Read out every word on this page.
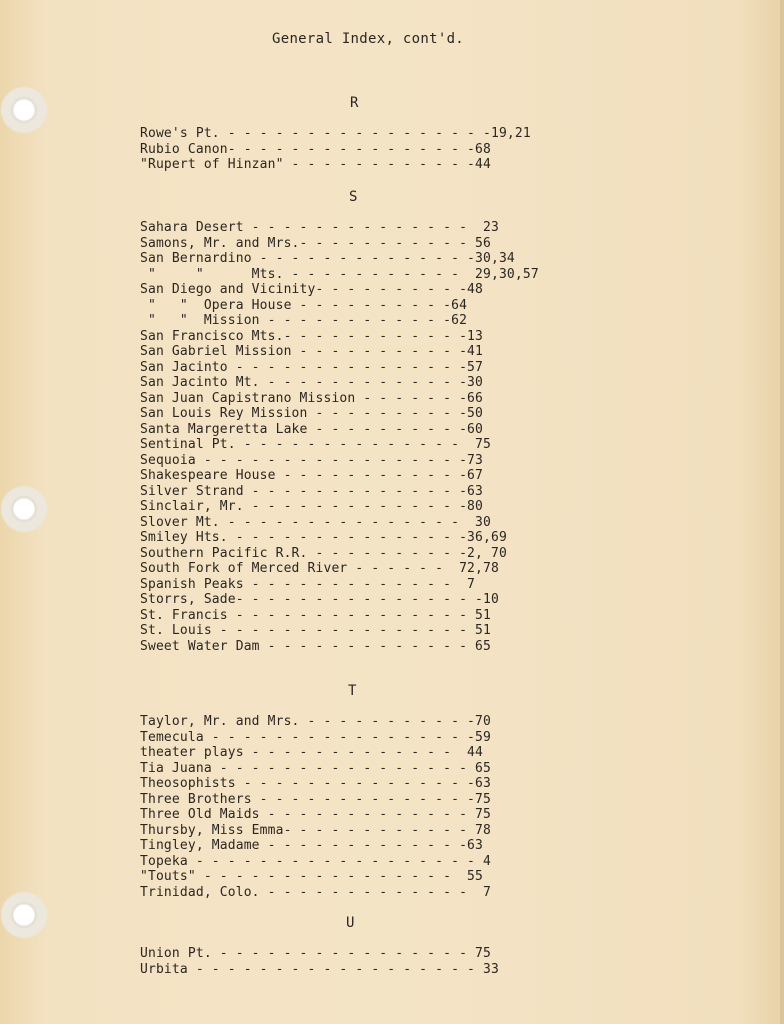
General Index, cont'd.
R
Rowe's Pt. - - - - - - - - - - - - - - - - -19,21
Rubio Canon- - - - - - - - - - - - - - - -68
"Rupert of Hinzan" - - - - - - - - - - - -44
S
Sahara Desert - - - - - - - - - - - - - -  23
Samons, Mr. and Mrs.- - - - - - - - - - - 56
San Bernardino - - - - - - - - - - - - - -30,34
"     "      Mts. - - - - - - - - - - -  29,30,57
San Diego and Vicinity- - - - - - - - - -48
"   "  Opera House - - - - - - - - - -64
"   "  Mission - - - - - - - - - - - -62
San Francisco Mts.- - - - - - - - - - - -13
San Gabriel Mission - - - - - - - - - - -41
San Jacinto - - - - - - - - - - - - - - -57
San Jacinto Mt. - - - - - - - - - - - - -30
San Juan Capistrano Mission - - - - - - -66
San Louis Rey Mission - - - - - - - - - -50
Santa Margeretta Lake - - - - - - - - - -60
Sentinal Pt. - - - - - - - - - - - - - -  75
Sequoia - - - - - - - - - - - - - - - - -73
Shakespeare House - - - - - - - - - - - -67
Silver Strand - - - - - - - - - - - - - -63
Sinclair, Mr. - - - - - - - - - - - - - -80
Slover Mt. - - - - - - - - - - - - - - -  30
Smiley Hts. - - - - - - - - - - - - - - -36,69
Southern Pacific R.R. - - - - - - - - - -2, 70
South Fork of Merced River - - - - - -  72,78
Spanish Peaks - - - - - - - - - - - - -  7
Storrs, Sade- - - - - - - - - - - - - - - -10
St. Francis - - - - - - - - - - - - - - - 51
St. Louis - - - - - - - - - - - - - - - - 51
Sweet Water Dam - - - - - - - - - - - - - 65
T
Taylor, Mr. and Mrs. - - - - - - - - - - -70
Temecula - - - - - - - - - - - - - - - - -59
theater plays - - - - - - - - - - - - -  44
Tia Juana - - - - - - - - - - - - - - - - 65
Theosophists - - - - - - - - - - - - - - -63
Three Brothers - - - - - - - - - - - - - -75
Three Old Maids - - - - - - - - - - - - - 75
Thursby, Miss Emma- - - - - - - - - - - - 78
Tingley, Madame - - - - - - - - - - - - -63
Topeka - - - - - - - - - - - - - - - - - - 4
"Touts" - - - - - - - - - - - - - - - -  55
Trinidad, Colo. - - - - - - - - - - - - -  7
U
Union Pt. - - - - - - - - - - - - - - - - 75
Urbita - - - - - - - - - - - - - - - - - - 33
